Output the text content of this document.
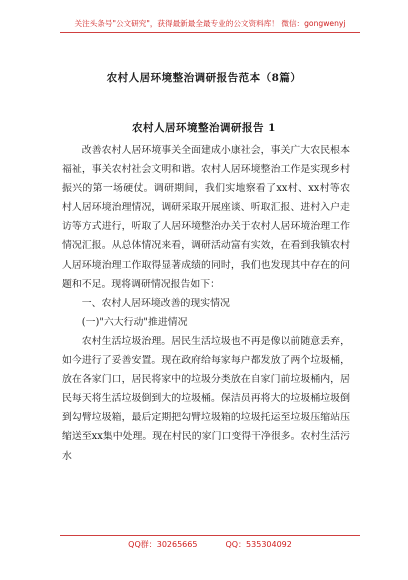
关注头条号"公文研究"，获得最新最全最专业的公文资料库！ 微信：gongwenyj
农村人居环境整治调研报告范本（8篇）
农村人居环境整治调研报告 1

改善农村人居环境事关全面建成小康社会，事关广大农民根本福祉，事关农村社会文明和谐。农村人居环境整治工作是实现乡村振兴的第一场硬仗。调研期间，我们实地察看了xx村、xx村等农村人居环境治理情况，调研采取开展座谈、听取汇报、进村入户走访等方式进行，听取了人居环境整治办关于农村人居环境治理工作情况汇报。从总体情况来看，调研活动富有实效，在看到我镇农村人居环境治理工作取得显著成绩的同时，我们也发现其中存在的问题和不足。现将调研情况报告如下：

一、农村人居环境改善的现实情况

(一)"六大行动"推进情况

农村生活垃圾治理。居民生活垃圾也不再是像以前随意丢弃，如今进行了妥善安置。现在政府给每家每户都发放了两个垃圾桶，放在各家门口，居民将家中的垃圾分类放在自家门前垃圾桶内，居民每天将生活垃圾倒到大的垃圾桶。保洁员再将大的垃圾桶垃圾倒到勾臂垃圾箱，最后定期把勾臂垃圾箱的垃圾托运至垃圾压缩站压缩送至xx集中处理。现在村民的家门口变得干净很多。农村生活污水

QQ群：30265665	QQ：535304092
